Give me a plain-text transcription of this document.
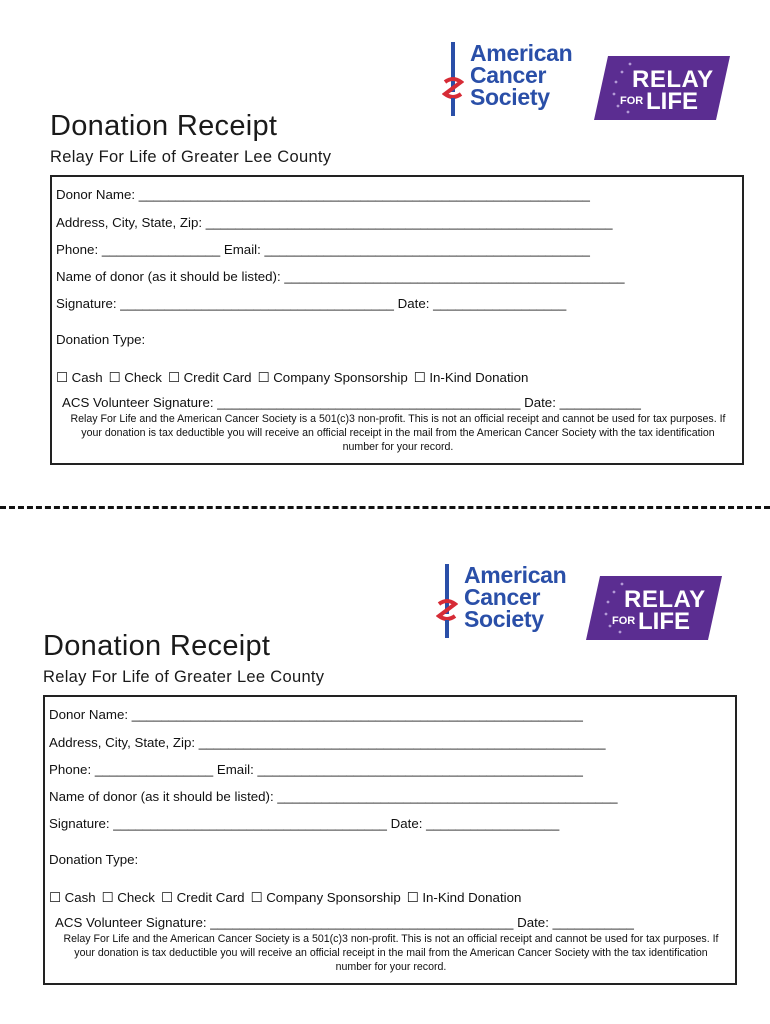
American
Cancer
Society
RELAY
FOR LIFE
Donation Receipt
Relay For Life of Greater Lee County
Donor Name: _____________________________________________________________
Address, City, State, Zip: _______________________________________________________
Phone: ________________ Email: ____________________________________________
Name of donor (as it should be listed): ______________________________________________
Signature: _____________________________________ Date: __________________
Donation Type:
☐ Cash ☐ Check ☐ Credit Card ☐ Company Sponsorship ☐ In-Kind Donation
ACS Volunteer Signature: _________________________________________ Date: ___________
Relay For Life and the American Cancer Society is a 501(c)3 non-profit. This is not an official receipt and cannot be used for tax purposes. If your donation is tax deductible you will receive an official receipt in the mail from the American Cancer Society with the tax identification number for your record.
American
Cancer
Society
RELAY
FOR LIFE
Donation Receipt
Relay For Life of Greater Lee County
Donor Name: _____________________________________________________________
Address, City, State, Zip: _______________________________________________________
Phone: ________________ Email: ____________________________________________
Name of donor (as it should be listed): ______________________________________________
Signature: _____________________________________ Date: __________________
Donation Type:
☐ Cash ☐ Check ☐ Credit Card ☐ Company Sponsorship ☐ In-Kind Donation
ACS Volunteer Signature: _________________________________________ Date: ___________
Relay For Life and the American Cancer Society is a 501(c)3 non-profit. This is not an official receipt and cannot be used for tax purposes. If your donation is tax deductible you will receive an official receipt in the mail from the American Cancer Society with the tax identification number for your record.
